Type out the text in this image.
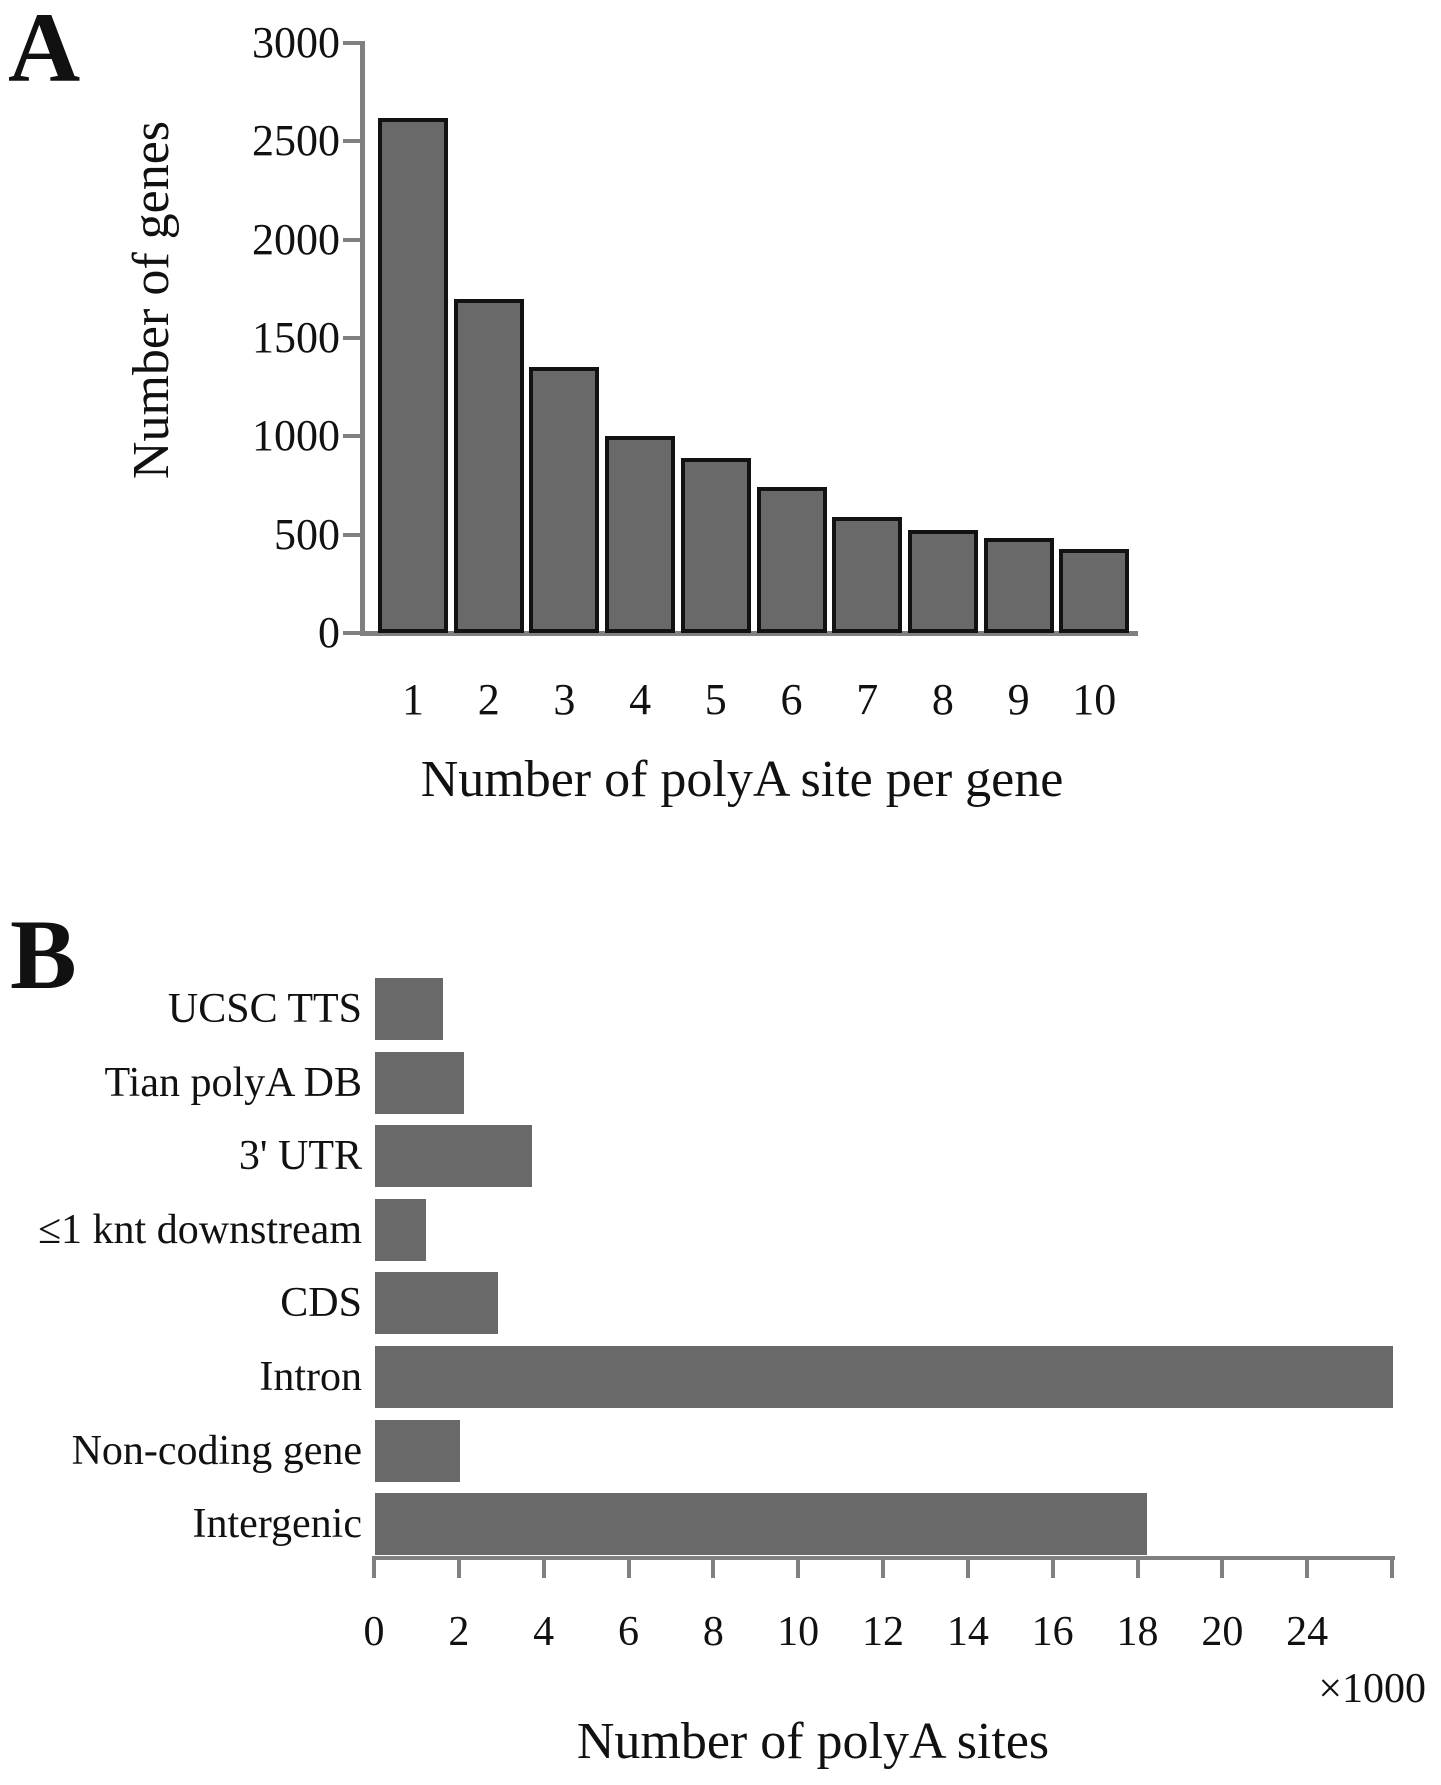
A
B
Number of genes
Number of polyA site per gene
0
500
1000
1500
2000
2500
3000
1	2	3	4	5	6	7	8	9 10
Number of polyA sites
×1000
UCSC TTS
Tian polyA DB
3' UTR
≤1 knt downstream
CDS
Intron
Non-coding gene
Intergenic
0	2	4	6	8	10	12	14	16	18	20	24
